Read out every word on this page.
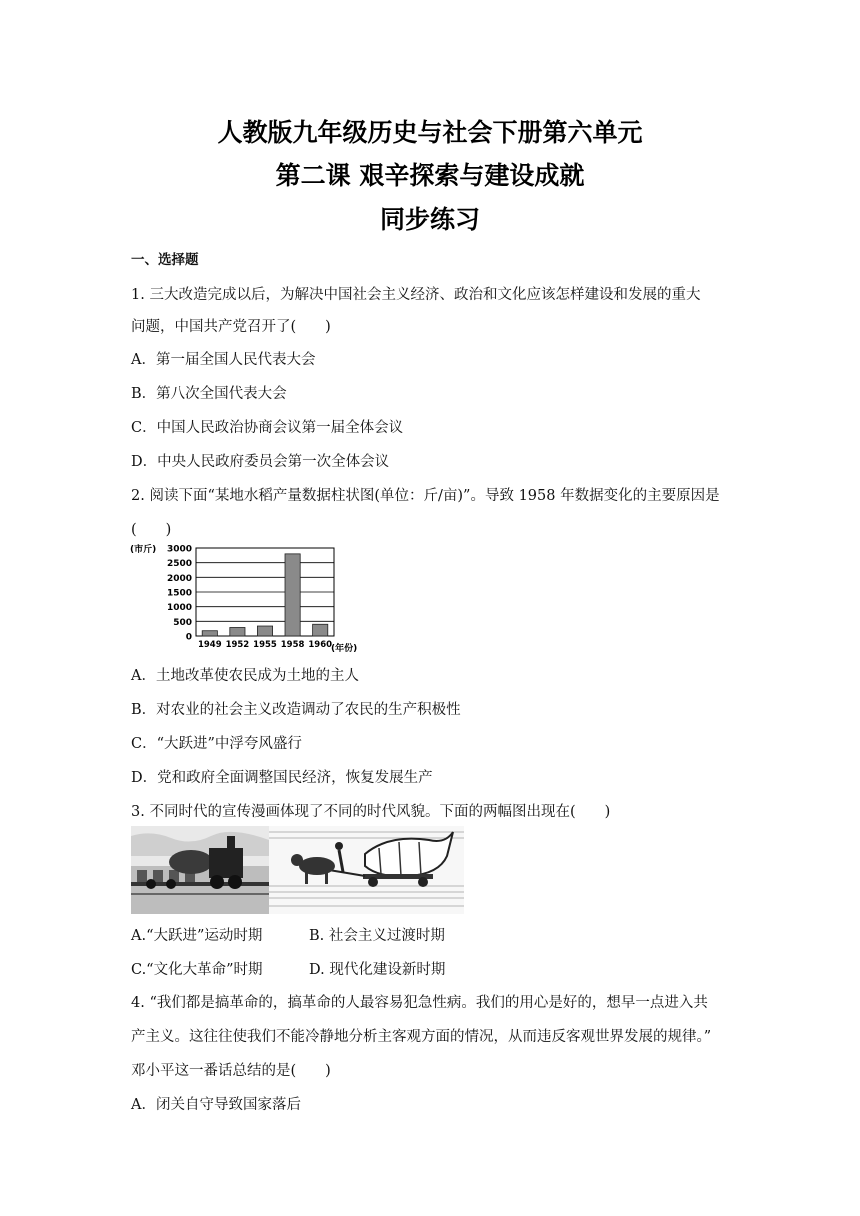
人教版九年级历史与社会下册第六单元
第二课 艰辛探索与建设成就
同步练习
一、选择题
1. 三大改造完成以后，为解决中国社会主义经济、政治和文化应该怎样建设和发展的重大
问题，中国共产党召开了(　　)
A．第一届全国人民代表大会
B．第八次全国代表大会
C．中国人民政治协商会议第一届全体会议
D．中央人民政府委员会第一次全体会议
2. 阅读下面“某地水稻产量数据柱状图(单位：斤/亩)”。导致 1958 年数据变化的主要原因是
(　　)
(市斤) 3000
2500
2000
1500
1000
500
0
1949 1952 1955 1958 1960
(年份)
A．土地改革使农民成为土地的主人
B．对农业的社会主义改造调动了农民的生产积极性
C．“大跃进”中浮夸风盛行
D．党和政府全面调整国民经济，恢复发展生产
3. 不同时代的宣传漫画体现了不同的时代风貌。下面的两幅图出现在(　　)
A.“大跃进”运动时期	B. 社会主义过渡时期
C.“文化大革命”时期	D. 现代化建设新时期
4. “我们都是搞革命的，搞革命的人最容易犯急性病。我们的用心是好的，想早一点进入共
产主义。这往往使我们不能冷静地分析主客观方面的情况，从而违反客观世界发展的规律。”
邓小平这一番话总结的是(　　)
A．闭关自守导致国家落后
